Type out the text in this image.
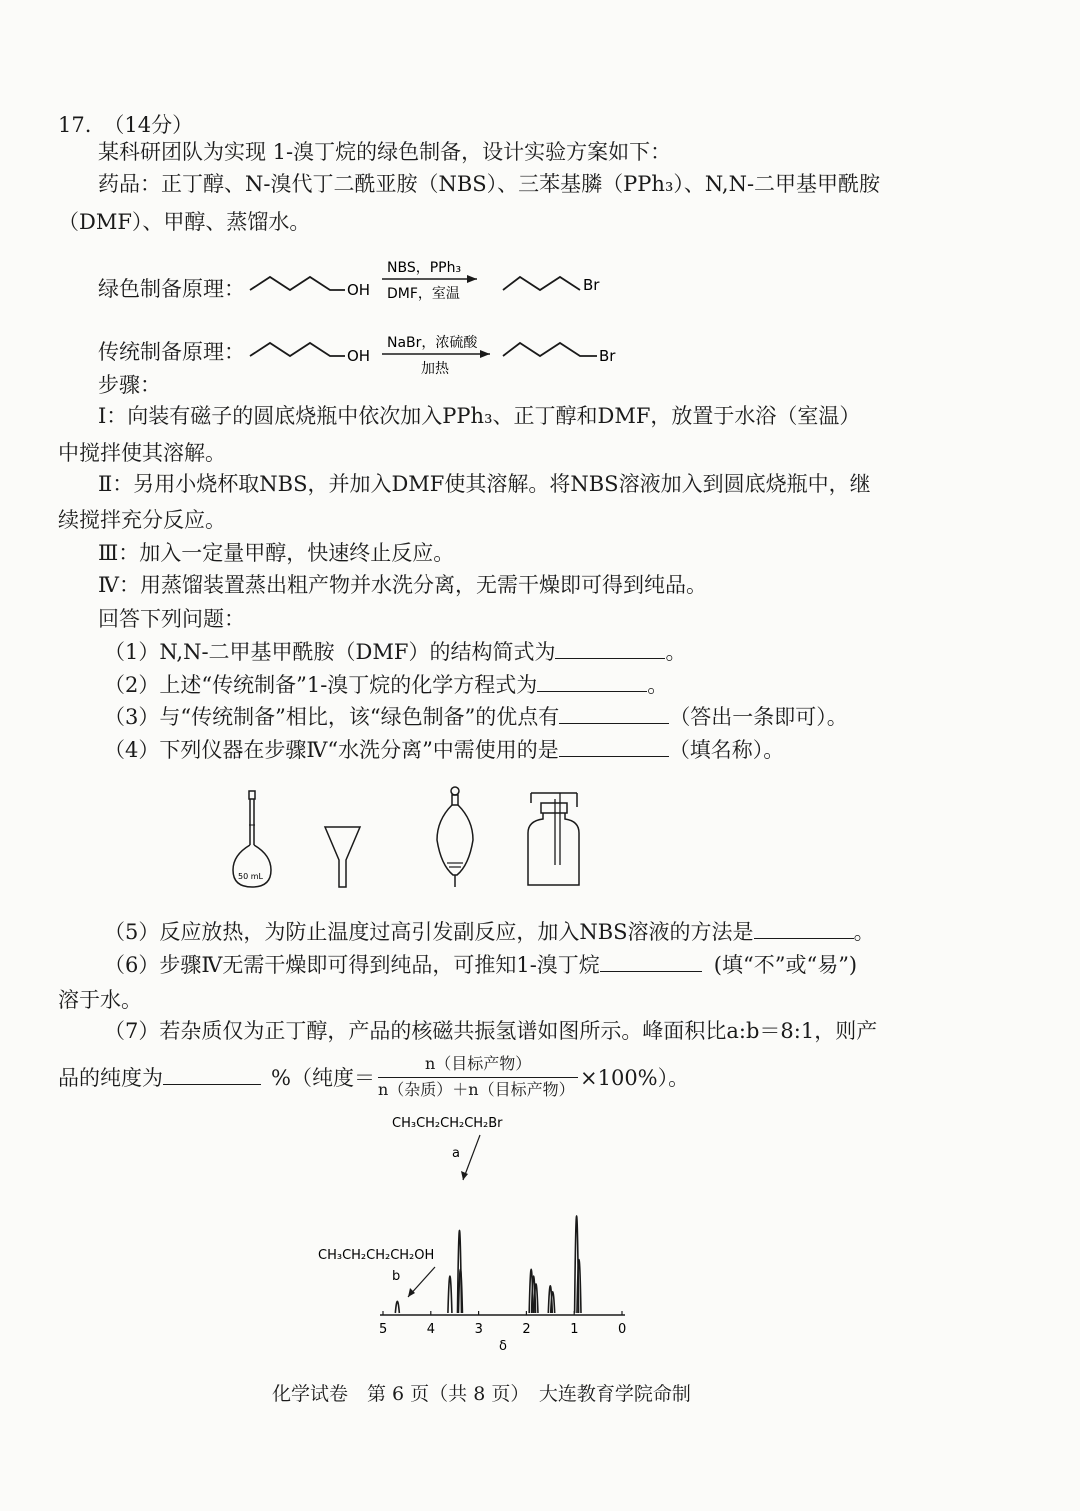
17. （14分）
某科研团队为实现 1-溴丁烷的绿色制备，设计实验方案如下：
药品：正丁醇、N-溴代丁二酰亚胺（NBS）、三苯基膦（PPh₃）、N,N-二甲基甲酰胺
（DMF）、甲醇、蒸馏水。
绿色制备原理：	OH
NBS，PPh₃
DMF，室温	Br
传统制备原理：	OH
NaBr，浓硫酸
加热
Br
步骤：
Ⅰ：向装有磁子的圆底烧瓶中依次加入PPh₃、正丁醇和DMF，放置于水浴（室温）
中搅拌使其溶解。
Ⅱ：另用小烧杯取NBS，并加入DMF使其溶解。将NBS溶液加入到圆底烧瓶中，继
续搅拌充分反应。
Ⅲ：加入一定量甲醇，快速终止反应。
Ⅳ：用蒸馏装置蒸出粗产物并水洗分离，无需干燥即可得到纯品。
回答下列问题：
（1）N,N-二甲基甲酰胺（DMF）的结构简式为	。
（2）上述“传统制备”1-溴丁烷的化学方程式为	。
（3）与“传统制备”相比，该“绿色制备”的优点有	（答出一条即可）。
（4）下列仪器在步骤Ⅳ“水洗分离”中需使用的是	（填名称）。
50 mL
（5）反应放热，为防止温度过高引发副反应，加入NBS溶液的方法是	。
（6）步骤Ⅳ无需干燥即可得到纯品，可推知1-溴丁烷	(填“不”或“易”)
溶于水。
（7）若杂质仅为正丁醇，产品的核磁共振氢谱如图所示。峰面积比a:b＝8:1，则产
品的纯度为	%（纯度＝
n（目标产物）
n（杂质）＋n（目标产物） ×100%）。
CH₃CH₂CH₂CH₂Br
a
CH₃CH₂CH₂CH₂OH
b
5	4	3	2	1	0
δ
化学试卷　第 6 页（共 8 页）　大连教育学院命制
